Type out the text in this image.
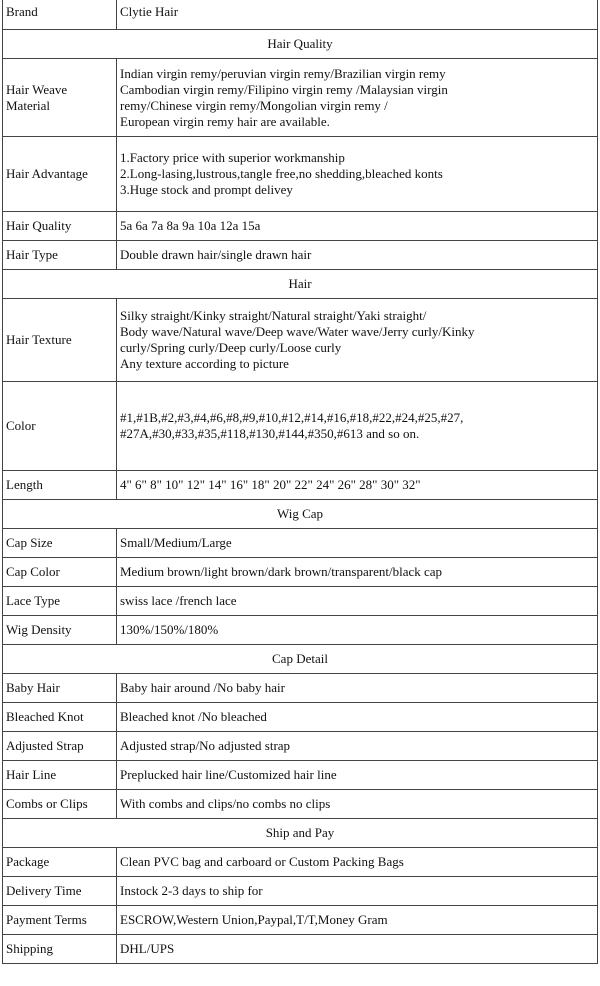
Brand	Clytie Hair
Hair Quality	
Hair Weave
Material	Indian virgin remy/peruvian virgin remy/Brazilian virgin remy
Cambodian virgin remy/Filipino virgin remy /Malaysian virgin
remy/Chinese virgin remy/Mongolian virgin remy /
European virgin remy hair are available.
Hair Advantage	1.Factory price with superior workmanship
2.Long-lasing,lustrous,tangle free,no shedding,bleached konts
3.Huge stock and prompt delivey
Hair Quality	5a 6a 7a 8a 9a 10a 12a 15a
Hair Type	Double drawn hair/single drawn hair
Hair	
Hair Texture	Silky straight/Kinky straight/Natural straight/Yaki straight/
Body wave/Natural wave/Deep wave/Water wave/Jerry curly/Kinky
curly/Spring curly/Deep curly/Loose curly
Any texture according to picture
Color	#1,#1B,#2,#3,#4,#6,#8,#9,#10,#12,#14,#16,#18,#22,#24,#25,#27,
#27A,#30,#33,#35,#118,#130,#144,#350,#613 and so on.
Length	4" 6" 8" 10" 12" 14" 16" 18" 20" 22" 24" 26" 28" 30" 32"
Wig Cap	
Cap Size	Small/Medium/Large
Cap Color	Medium brown/light brown/dark brown/transparent/black cap
Lace Type	swiss lace /french lace
Wig Density	130%/150%/180%
Cap Detail	
Baby Hair	Baby hair around /No baby hair
Bleached Knot	Bleached knot /No bleached
Adjusted Strap	Adjusted strap/No adjusted strap
Hair Line	Preplucked hair line/Customized hair line
Combs or Clips	With combs and clips/no combs no clips
Ship and Pay	
Package	Clean PVC bag and carboard or Custom Packing Bags
Delivery Time	Instock 2-3 days to ship for
Payment Terms	ESCROW,Western Union,Paypal,T/T,Money Gram
Shipping	DHL/UPS
